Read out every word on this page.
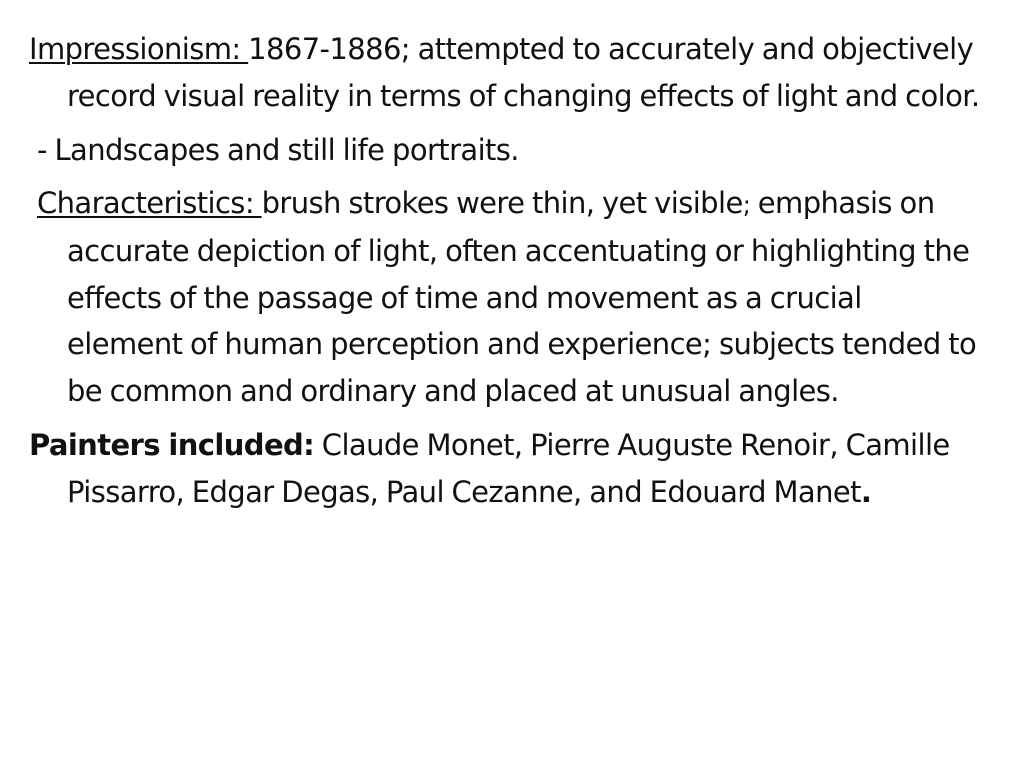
Impressionism: 1867-1886; attempted to accurately and objectively record visual reality in terms of changing effects of light and color.

- Landscapes and still life portraits.

Characteristics: brush strokes were thin, yet visible; emphasis on accurate depiction of light, often accentuating or highlighting the effects of the passage of time and movement as a crucial element of human perception and experience; subjects tended to be common and ordinary and placed at unusual angles.

Painters included: Claude Monet, Pierre Auguste Renoir, Camille Pissarro, Edgar Degas, Paul Cezanne, and Edouard Manet.
